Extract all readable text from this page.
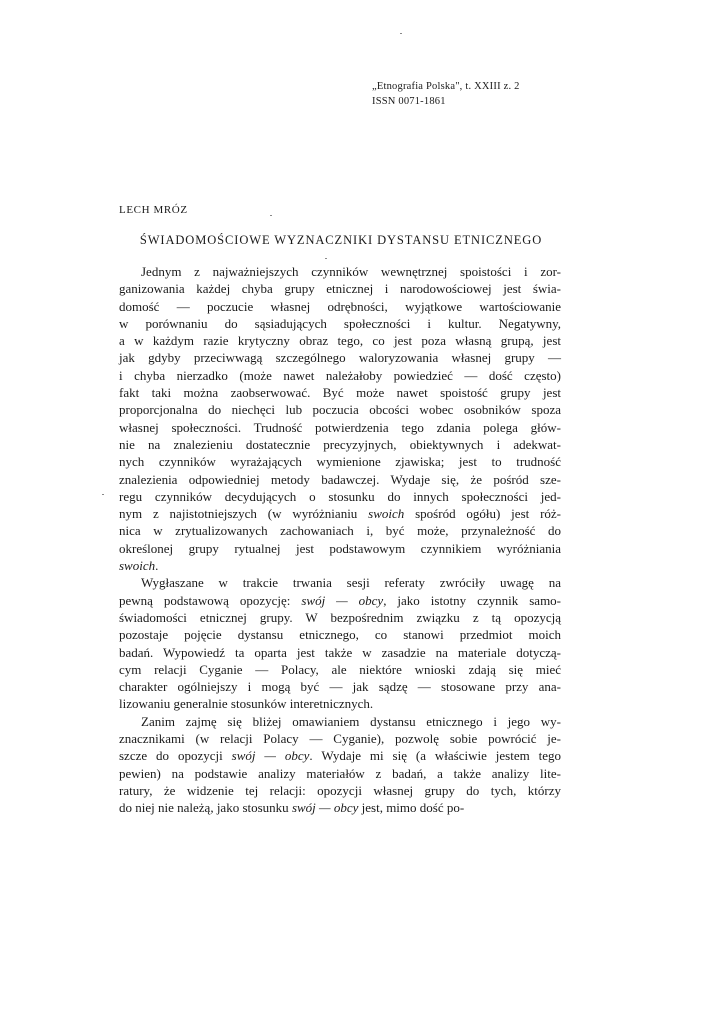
„Etnografia Polska", t. XXIII z. 2
ISSN 0071-1861
LECH MRÓZ
ŚWIADOMOŚCIOWE WYZNACZNIKI DYSTANSU ETNICZNEGO
Jednym z najważniejszych czynników wewnętrznej spoistości i zor-
ganizowania każdej chyba grupy etnicznej i narodowościowej jest świa-
domość — poczucie własnej odrębności, wyjątkowe wartościowanie
w porównaniu do sąsiadujących społeczności i kultur. Negatywny,
a w każdym razie krytyczny obraz tego, co jest poza własną grupą, jest
jak gdyby przeciwwagą szczególnego waloryzowania własnej grupy —
i chyba nierzadko (może nawet należałoby powiedzieć — dość często)
fakt taki można zaobserwować. Być może nawet spoistość grupy jest
proporcjonalna do niechęci lub poczucia obcości wobec osobników spoza
własnej społeczności. Trudność potwierdzenia tego zdania polega głów-
nie na znalezieniu dostatecznie precyzyjnych, obiektywnych i adekwat-
nych czynników wyrażających wymienione zjawiska; jest to trudność
znalezienia odpowiedniej metody badawczej. Wydaje się, że pośród sze-
regu czynników decydujących o stosunku do innych społeczności jed-
nym z najistotniejszych (w wyróżnianiu swoich spośród ogółu) jest róż-
nica w zrytualizowanych zachowaniach i, być może, przynależność do
określonej grupy rytualnej jest podstawowym czynnikiem wyróżniania
swoich.
Wygłaszane w trakcie trwania sesji referaty zwróciły uwagę na
pewną podstawową opozycję: swój — obcy, jako istotny czynnik samo-
świadomości etnicznej grupy. W bezpośrednim związku z tą opozycją
pozostaje pojęcie dystansu etnicznego, co stanowi przedmiot moich
badań. Wypowiedź ta oparta jest także w zasadzie na materiale dotyczą-
cym relacji Cyganie — Polacy, ale niektóre wnioski zdają się mieć
charakter ogólniejszy i mogą być — jak sądzę — stosowane przy ana-
lizowaniu generalnie stosunków interetnicznych.
Zanim zajmę się bliżej omawianiem dystansu etnicznego i jego wy-
znacznikami (w relacji Polacy — Cyganie), pozwolę sobie powrócić je-
szcze do opozycji swój — obcy. Wydaje mi się (a właściwie jestem tego
pewien) na podstawie analizy materiałów z badań, a także analizy lite-
ratury, że widzenie tej relacji: opozycji własnej grupy do tych, którzy
do niej nie należą, jako stosunku swój — obcy jest, mimo dość po-
